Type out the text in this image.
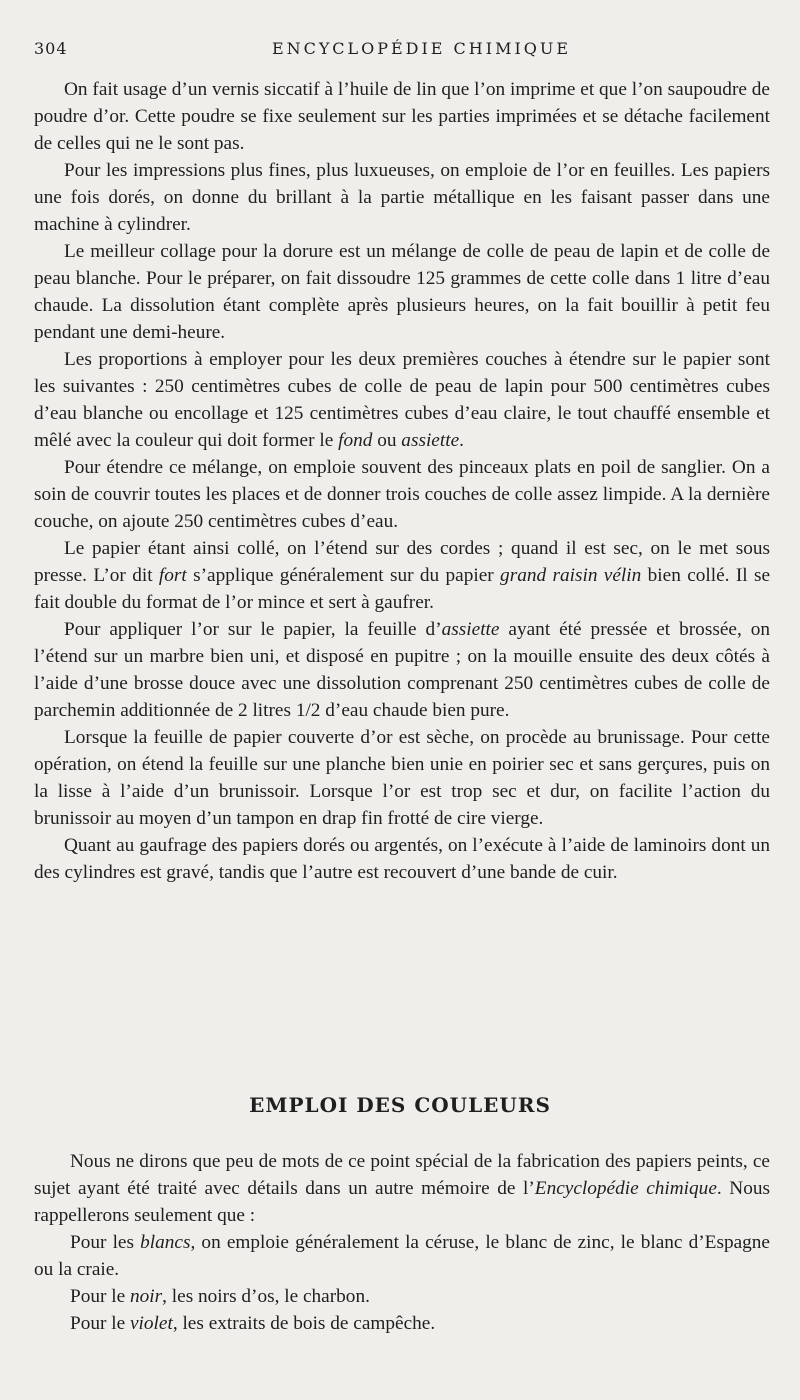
304	ENCYCLOPÉDIE CHIMIQUE

On fait usage d’un vernis siccatif à l’huile de lin que l’on imprime et que l’on saupoudre de poudre d’or. Cette poudre se fixe seulement sur les parties imprimées et se détache facilement de celles qui ne le sont pas.

Pour les impressions plus fines, plus luxueuses, on emploie de l’or en feuilles. Les papiers une fois dorés, on donne du brillant à la partie métallique en les faisant passer dans une machine à cylindrer.

Le meilleur collage pour la dorure est un mélange de colle de peau de lapin et de colle de peau blanche. Pour le préparer, on fait dissoudre 125 grammes de cette colle dans 1 litre d’eau chaude. La dissolution étant complète après plusieurs heures, on la fait bouillir à petit feu pendant une demi-heure.

Les proportions à employer pour les deux premières couches à étendre sur le papier sont les suivantes : 250 centimètres cubes de colle de peau de lapin pour 500 centimètres cubes d’eau blanche ou encollage et 125 centimètres cubes d’eau claire, le tout chauffé ensemble et mêlé avec la couleur qui doit former le fond ou assiette.

Pour étendre ce mélange, on emploie souvent des pinceaux plats en poil de sanglier. On a soin de couvrir toutes les places et de donner trois couches de colle assez limpide. A la dernière couche, on ajoute 250 centimètres cubes d’eau.

Le papier étant ainsi collé, on l’étend sur des cordes ; quand il est sec, on le met sous presse. L’or dit fort s’applique généralement sur du papier grand raisin vélin bien collé. Il se fait double du format de l’or mince et sert à gaufrer.

Pour appliquer l’or sur le papier, la feuille d’assiette ayant été pressée et brossée, on l’étend sur un marbre bien uni, et disposé en pupitre ; on la mouille ensuite des deux côtés à l’aide d’une brosse douce avec une dissolution comprenant 250 centimètres cubes de colle de parchemin additionnée de 2 litres 1/2 d’eau chaude bien pure.

Lorsque la feuille de papier couverte d’or est sèche, on procède au brunissage. Pour cette opération, on étend la feuille sur une planche bien unie en poirier sec et sans gerçures, puis on la lisse à l’aide d’un brunissoir. Lorsque l’or est trop sec et dur, on facilite l’action du brunissoir au moyen d’un tampon en drap fin frotté de cire vierge.

Quant au gaufrage des papiers dorés ou argentés, on l’exécute à l’aide de laminoirs dont un des cylindres est gravé, tandis que l’autre est recouvert d’une bande de cuir.

EMPLOI DES COULEURS

Nous ne dirons que peu de mots de ce point spécial de la fabrication des papiers peints, ce sujet ayant été traité avec détails dans un autre mémoire de l’Encyclopédie chimique. Nous rappellerons seulement que :

Pour les blancs, on emploie généralement la céruse, le blanc de zinc, le blanc d’Espagne ou la craie.

Pour le noir, les noirs d’os, le charbon.

Pour le violet, les extraits de bois de campêche.
